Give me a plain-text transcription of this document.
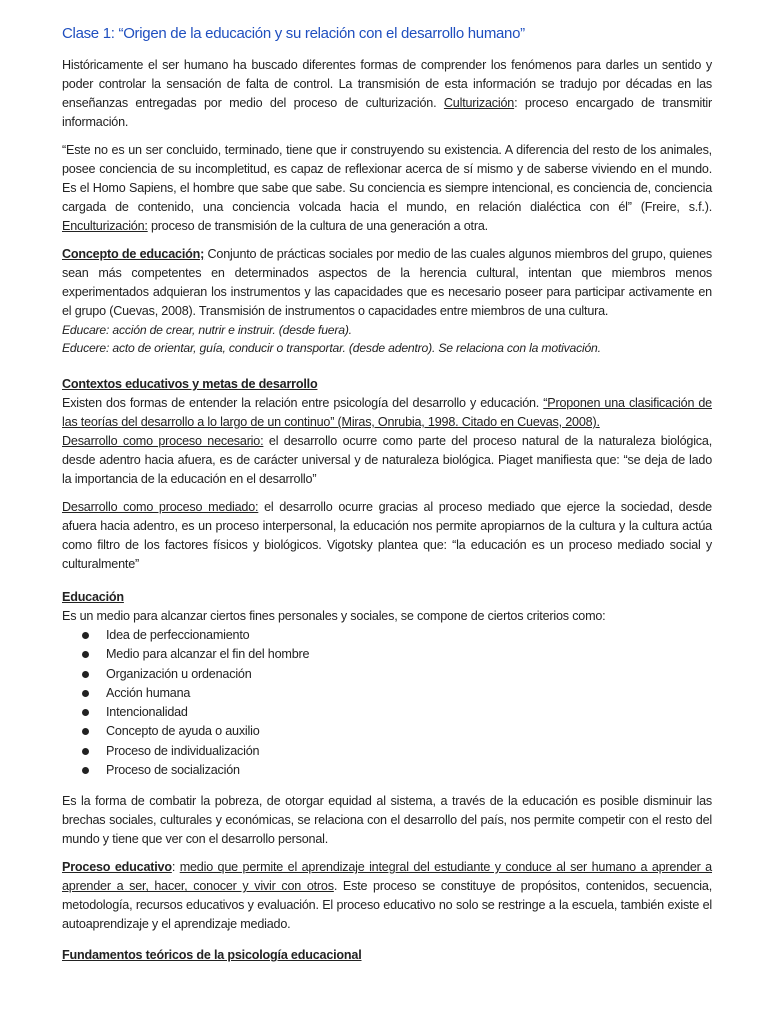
Clase 1: “Origen de la educación y su relación con el desarrollo humano”

Históricamente el ser humano ha buscado diferentes formas de comprender los fenómenos para darles un sentido y poder controlar la sensación de falta de control. La transmisión de esta información se tradujo por décadas en las enseñanzas entregadas por medio del proceso de culturización. Culturización: proceso encargado de transmitir información.

“Este no es un ser concluido, terminado, tiene que ir construyendo su existencia. A diferencia del resto de los animales, posee conciencia de su incompletitud, es capaz de reflexionar acerca de sí mismo y de saberse viviendo en el mundo. Es el Homo Sapiens, el hombre que sabe que sabe. Su conciencia es siempre intencional, es conciencia de, conciencia cargada de contenido, una conciencia volcada hacia el mundo, en relación dialéctica con él” (Freire, s.f.). Enculturización: proceso de transmisión de la cultura de una generación a otra.

Concepto de educación; Conjunto de prácticas sociales por medio de las cuales algunos miembros del grupo, quienes sean más competentes en determinados aspectos de la herencia cultural, intentan que miembros menos experimentados adquieran los instrumentos y las capacidades que es necesario poseer para participar activamente en el grupo (Cuevas, 2008). Transmisión de instrumentos o capacidades entre miembros de una cultura.

Educare: acción de crear, nutrir e instruir. (desde fuera).

Educere: acto de orientar, guía, conducir o transportar. (desde adentro). Se relaciona con la motivación.

Contextos educativos y metas de desarrollo

Existen dos formas de entender la relación entre psicología del desarrollo y educación. “Proponen una clasificación de las teorías del desarrollo a lo largo de un continuo” (Miras, Onrubia, 1998. Citado en Cuevas, 2008).

Desarrollo como proceso necesario: el desarrollo ocurre como parte del proceso natural de la naturaleza biológica, desde adentro hacia afuera, es de carácter universal y de naturaleza biológica. Piaget manifiesta que: “se deja de lado la importancia de la educación en el desarrollo”

Desarrollo como proceso mediado: el desarrollo ocurre gracias al proceso mediado que ejerce la sociedad, desde afuera hacia adentro, es un proceso interpersonal, la educación nos permite apropiarnos de la cultura y la cultura actúa como filtro de los factores físicos y biológicos. Vigotsky plantea que: “la educación es un proceso mediado social y culturalmente”

Educación
Es un medio para alcanzar ciertos fines personales y sociales, se compone de ciertos criterios como:
Idea de perfeccionamiento
Medio para alcanzar el fin del hombre
Organización u ordenación
Acción humana
Intencionalidad
Concepto de ayuda o auxilio
Proceso de individualización
Proceso de socialización

Es la forma de combatir la pobreza, de otorgar equidad al sistema, a través de la educación es posible disminuir las brechas sociales, culturales y económicas, se relaciona con el desarrollo del país, nos permite competir con el resto del mundo y tiene que ver con el desarrollo personal.

Proceso educativo: medio que permite el aprendizaje integral del estudiante y conduce al ser humano a aprender a aprender a ser, hacer, conocer y vivir con otros. Este proceso se constituye de propósitos, contenidos, secuencia, metodología, recursos educativos y evaluación. El proceso educativo no solo se restringe a la escuela, también existe el autoaprendizaje y el aprendizaje mediado.

Fundamentos teóricos de la psicología educacional
